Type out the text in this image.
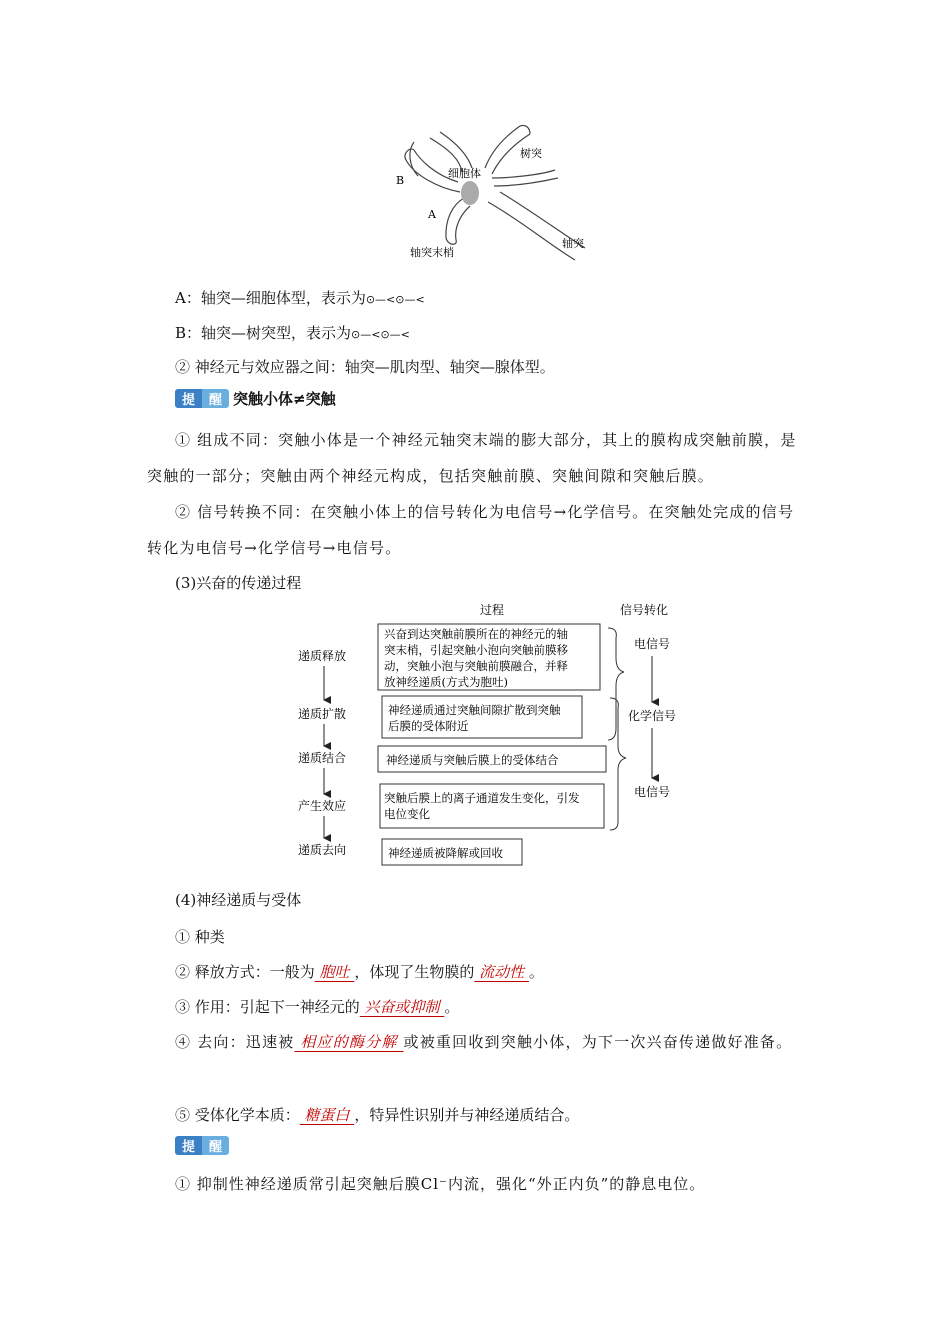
细胞体
树突
轴突
轴突末梢
A
B
A：轴突—细胞体型，表示为⊙—<⊙—<
B：轴突—树突型，表示为⊙—<⊙—<
② 神经元与效应器之间：轴突—肌肉型、轴突—腺体型。
提	醒 突触小体≠突触
① 组成不同：突触小体是一个神经元轴突末端的膨大部分，其上的膜构成突触前膜，是突触的一部分；突触由两个神经元构成，包括突触前膜、突触间隙和突触后膜。
② 信号转换不同：在突触小体上的信号转化为电信号→化学信号。在突触处完成的信号转化为电信号→化学信号→电信号。
(3)兴奋的传递过程
过程	信号转化
递质释放
递质扩散
递质结合
产生效应
递质去向
兴奋到达突触前膜所在的神经元的轴
突末梢，引起突触小泡向突触前膜移
动，突触小泡与突触前膜融合，并释
放神经递质(方式为胞吐)
神经递质通过突触间隙扩散到突触
后膜的受体附近
神经递质与突触后膜上的受体结合
突触后膜上的离子通道发生变化，引发
电位变化
神经递质被降解或回收
电信号
化学信号
电信号
(4)神经递质与受体
① 种类
② 释放方式：一般为 胞吐 ，体现了生物膜的 流动性 。
③ 作用：引起下一神经元的 兴奋或抑制 。
④ 去向：迅速被 相应的酶分解 或被重回收到突触小体，为下一次兴奋传递做好准备。
⑤ 受体化学本质： 糖蛋白 ，特异性识别并与神经递质结合。
提	醒
① 抑制性神经递质常引起突触后膜Cl⁻内流，强化“外正内负”的静息电位。
